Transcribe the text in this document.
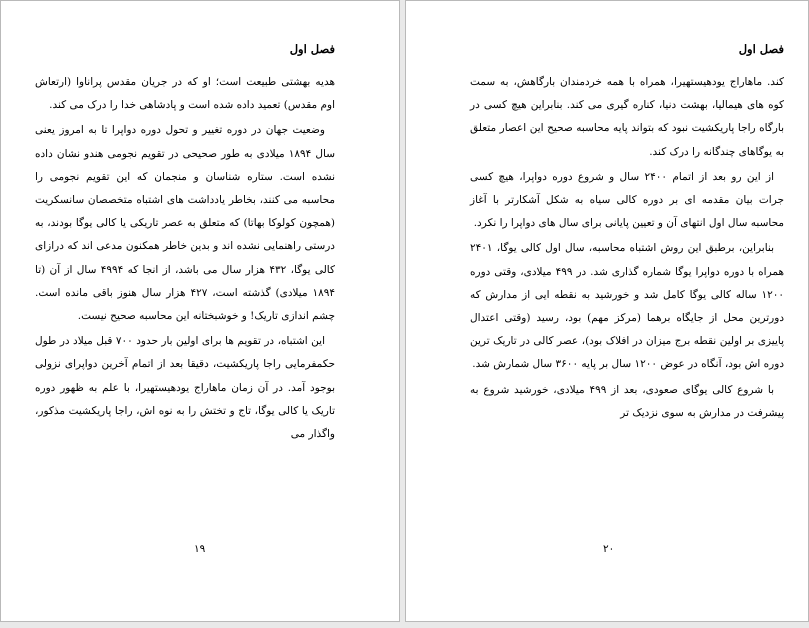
فصل اول

هدیه بهشتی طبیعت است؛ او که در جریان مقدس پراناوا (ارتعاش اوم مقدس) تعمید داده شده است و پادشاهی خدا را درک می کند.

وضعیت جهان در دوره تغییر و تحول دوره دواپرا تا به امروز یعنی سال ۱۸۹۴ میلادی به طور صحیحی در تقویم نجومی هندو نشان داده نشده است. ستاره شناسان و منجمان که این تقویم نجومی را محاسبه می کنند، بخاطر یادداشت های اشتباه متخصصان سانسکریت (همچون کولوکا بهاتا) که متعلق به عصر تاریکی یا کالی یوگا بودند، به درستی راهنمایی نشده اند و بدین خاطر همکنون مدعی اند که درازای کالی یوگا، ۴۳۲ هزار سال می باشد، از انجا که ۴۹۹۴ سال از آن (تا ۱۸۹۴ میلادی) گذشته است، ۴۲۷ هزار سال هنوز باقی مانده است. چشم اندازی تاریک! و خوشبختانه این محاسبه صحیح نیست.

این اشتباه، در تقویم ها برای اولین بار حدود ۷۰۰ قبل میلاد در طول حکمفرمایی راجا پاریکشیت، دقیقا بعد از اتمام آخرین دواپرای نزولی بوجود آمد. در آن زمان ماهاراج یودهیستهیرا، با علم به ظهور دوره تاریک یا کالی یوگا، تاج و تختش را به نوه اش، راجا پاریکشیت مذکور، واگذار می

۱۹
فصل اول

کند. ماهاراج یودهیستهیرا، همراه با همه خردمندان بارگاهش، به سمت کوه های هیمالیا، بهشت دنیا، کناره گیری می کند. بنابراین هیچ کسی در بارگاه راجا پاریکشیت نبود که بتواند پایه محاسبه صحیح این اعصار متعلق به یوگاهای چندگانه را درک کند.

از این رو بعد از اتمام ۲۴۰۰ سال و شروع دوره دواپرا، هیچ کسی جرات بیان مقدمه ای بر دوره کالی سیاه به شکل آشکارتر با آغاز محاسبه سال اول انتهای آن و تعیین پایانی برای سال های دواپرا را نکرد.

بنابراین، برطبق این روش اشتباه محاسبه، سال اول کالی یوگا، ۲۴۰۱ همراه با دوره دواپرا یوگا شماره گذاری شد. در ۴۹۹ میلادی، وقتی دوره ۱۲۰۰ ساله کالی یوگا کامل شد و خورشید به نقطه ایی از مدارش که دورترین محل از جایگاه برهما (مرکز مهم) بود، رسید (وقتی اعتدال پاییزی بر اولین نقطه برج میزان در افلاک بود)، عصر کالی در تاریک ترین دوره اش بود، آنگاه در عوض ۱۲۰۰ سال بر پایه ۳۶۰۰ سال شمارش شد.

با شروع کالی یوگای صعودی، بعد از ۴۹۹ میلادی، خورشید شروع به پیشرفت در مدارش به سوی نزدیک تر

۲۰
